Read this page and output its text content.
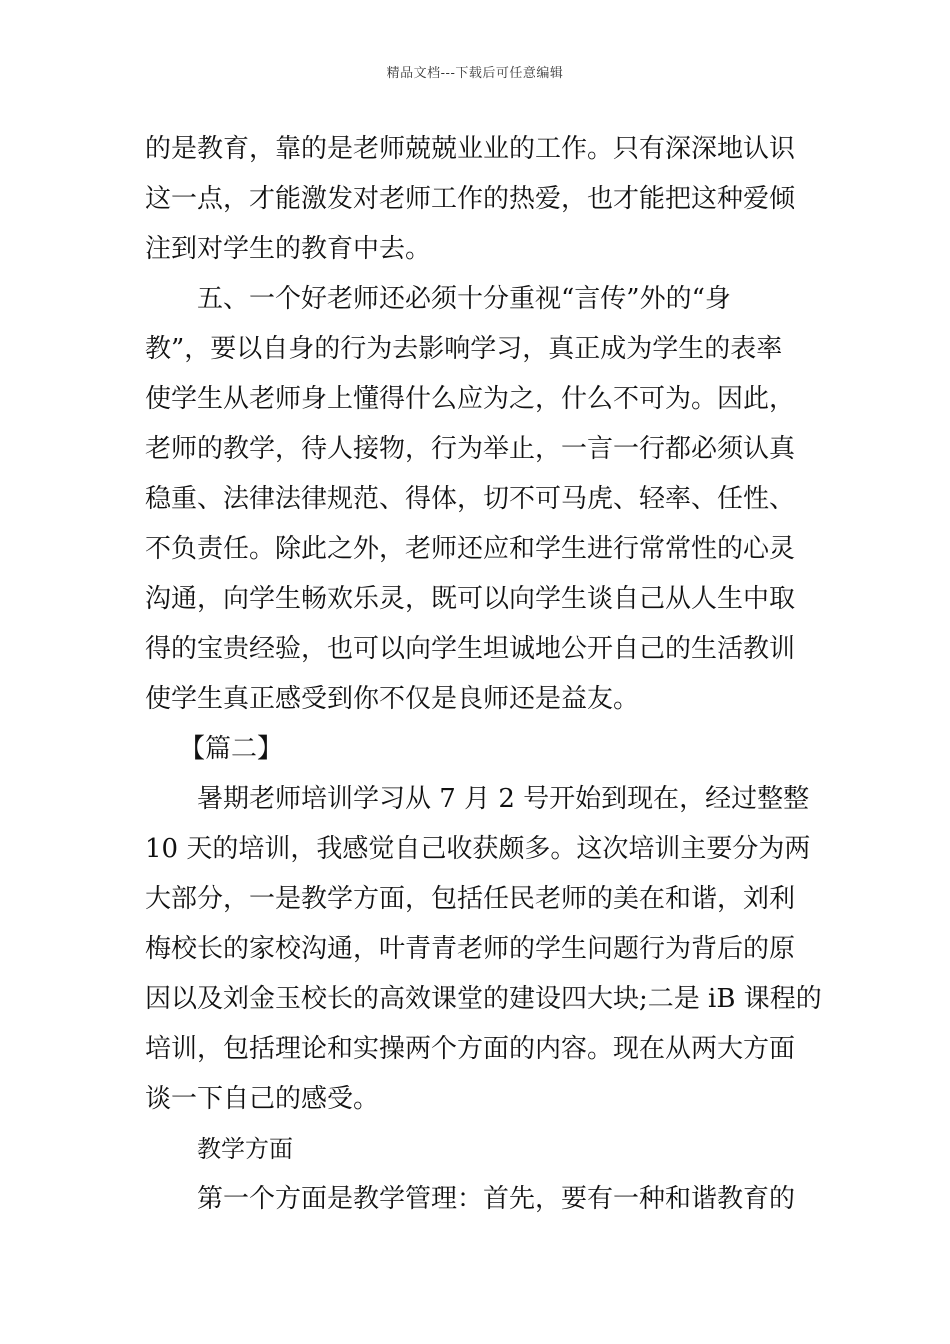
精品文档---下载后可任意编辑
的是教育，靠的是老师兢兢业业的工作。只有深深地认识
这一点，才能激发对老师工作的热爱，也才能把这种爱倾
注到对学生的教育中去。
五、一个好老师还必须十分重视“言传”外的“身
教”，要以自身的行为去影响学习，真正成为学生的表率
使学生从老师身上懂得什么应为之，什么不可为。因此，
老师的教学，待人接物，行为举止，一言一行都必须认真
稳重、法律法律规范、得体，切不可马虎、轻率、任性、
不负责任。除此之外，老师还应和学生进行常常性的心灵
沟通，向学生畅欢乐灵，既可以向学生谈自己从人生中取
得的宝贵经验，也可以向学生坦诚地公开自己的生活教训
使学生真正感受到你不仅是良师还是益友。
【篇二】
暑期老师培训学习从 7 月 2 号开始到现在，经过整整
10 天的培训，我感觉自己收获颇多。这次培训主要分为两
大部分，一是教学方面，包括任民老师的美在和谐，刘利
梅校长的家校沟通，叶青青老师的学生问题行为背后的原
因以及刘金玉校长的高效课堂的建设四大块;二是 iB 课程的
培训，包括理论和实操两个方面的内容。现在从两大方面
谈一下自己的感受。
教学方面
第一个方面是教学管理：首先，要有一种和谐教育的
